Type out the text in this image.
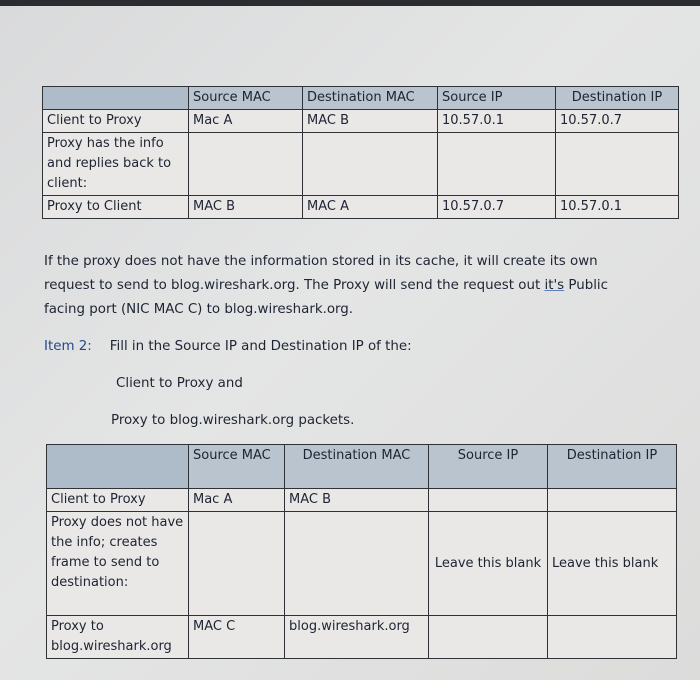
	Source MAC	Destination MAC	Source IP	Destination IP
Client to Proxy	Mac A	MAC B	10.57.0.1	10.57.0.7
Proxy has the info and replies back to client:				
Proxy to Client	MAC B	MAC A	10.57.0.7	10.57.0.1

If the proxy does not have the information stored in its cache, it will create its own

request to send to blog.wireshark.org. The Proxy will send the request out it's Public

facing port (NIC MAC C) to blog.wireshark.org.

Item 2: Fill in the Source IP and Destination IP of the:

Client to Proxy and

Proxy to blog.wireshark.org packets.

	Source MAC	Destination MAC	Source IP	Destination IP
Client to Proxy	Mac A	MAC B		
Proxy does not have the info; creates frame to send to destination:			Leave this blank	Leave this blank
Proxy to blog.wireshark.org	MAC C	blog.wireshark.org		
